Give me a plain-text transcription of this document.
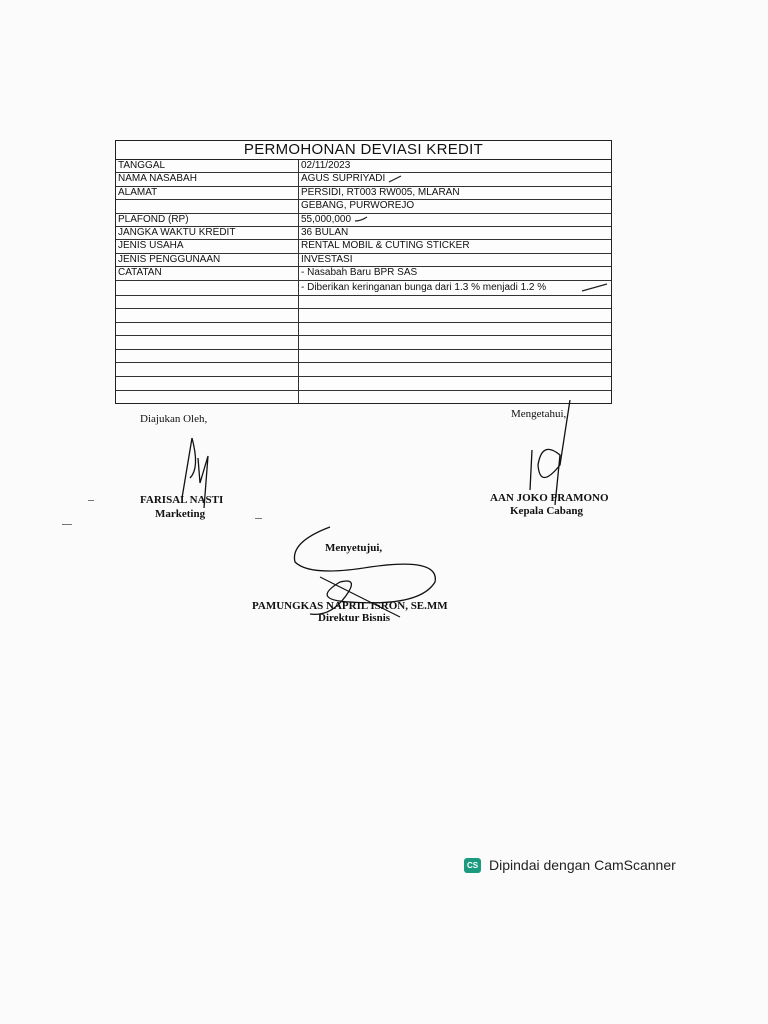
PERMOHONAN DEVIASI KREDIT
TANGGAL	02/11/2023
NAMA NASABAH	AGUS SUPRIYADI
ALAMAT	PERSIDI, RT003 RW005, MLARAN
GEBANG, PURWOREJO
PLAFOND (RP)	55,000,000
JANGKA WAKTU KREDIT	36 BULAN
JENIS USAHA	RENTAL MOBIL & CUTING STICKER
JENIS PENGGUNAAN	INVESTASI
CATATAN	- Nasabah Baru BPR SAS
- Diberikan keringanan bunga dari 1.3 % menjadi 1.2 %
Diajukan Oleh,
FARISAL NASTI
Marketing
Mengetahui,
AAN JOKO PRAMONO
Kepala Cabang
Menyetujui,
PAMUNGKAS NAPRIL ISRON, SE.MM
Direktur Bisnis
CS Dipindai dengan CamScanner
